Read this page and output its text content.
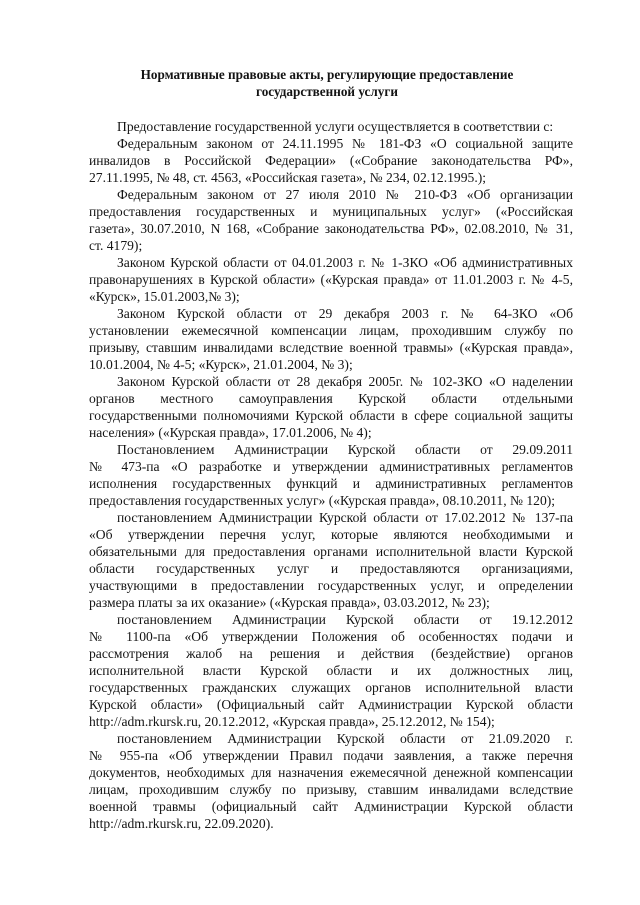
Нормативные правовые акты, регулирующие предоставление
государственной услуги
Предоставление государственной услуги осуществляется в соответствии с:
Федеральным законом от 24.11.1995 № 181-ФЗ «О социальной защите
инвалидов в Российской Федерации» («Собрание законодательства РФ»,
27.11.1995, № 48, ст. 4563, «Российская газета», № 234, 02.12.1995.);
Федеральным законом от 27 июля 2010 № 210-ФЗ «Об организации
предоставления государственных и муниципальных услуг» («Российская
газета», 30.07.2010, N 168, «Собрание законодательства РФ», 02.08.2010, № 31,
ст. 4179);
Законом Курской области от 04.01.2003 г. № 1-ЗКО «Об административных
правонарушениях в Курской области» («Курская правда» от 11.01.2003 г. № 4-5,
«Курск», 15.01.2003,№ 3);
Законом Курской области от 29 декабря 2003 г. № 64-ЗКО «Об
установлении ежемесячной компенсации лицам, проходившим службу по
призыву, ставшим инвалидами вследствие военной травмы» («Курская правда»,
10.01.2004, № 4-5; «Курск», 21.01.2004, № 3);
Законом Курской области от 28 декабря 2005г. № 102-ЗКО «О наделении
органов местного самоуправления Курской области отдельными
государственными полномочиями Курской области в сфере социальной защиты
населения» («Курская правда», 17.01.2006, № 4);
Постановлением Администрации Курской области от 29.09.2011
№ 473-па «О разработке и утверждении административных регламентов
исполнения государственных функций и административных регламентов
предоставления государственных услуг» («Курская правда», 08.10.2011, № 120);
постановлением Администрации Курской области от 17.02.2012 № 137-па
«Об утверждении перечня услуг, которые являются необходимыми и
обязательными для предоставления органами исполнительной власти Курской
области государственных услуг и предоставляются организациями,
участвующими в предоставлении государственных услуг, и определении
размера платы за их оказание» («Курская правда», 03.03.2012, № 23);
постановлением Администрации Курской области от 19.12.2012
№ 1100-па «Об утверждении Положения об особенностях подачи и
рассмотрения жалоб на решения и действия (бездействие) органов
исполнительной власти Курской области и их должностных лиц,
государственных гражданских служащих органов исполнительной власти
Курской области» (Официальный сайт Администрации Курской области
http://adm.rkursk.ru, 20.12.2012, «Курская правда», 25.12.2012, № 154);
постановлением Администрации Курской области от 21.09.2020 г.
№ 955-па «Об утверждении Правил подачи заявления, а также перечня
документов, необходимых для назначения ежемесячной денежной компенсации
лицам, проходившим службу по призыву, ставшим инвалидами вследствие
военной травмы (официальный сайт Администрации Курской области
http://adm.rkursk.ru, 22.09.2020).
